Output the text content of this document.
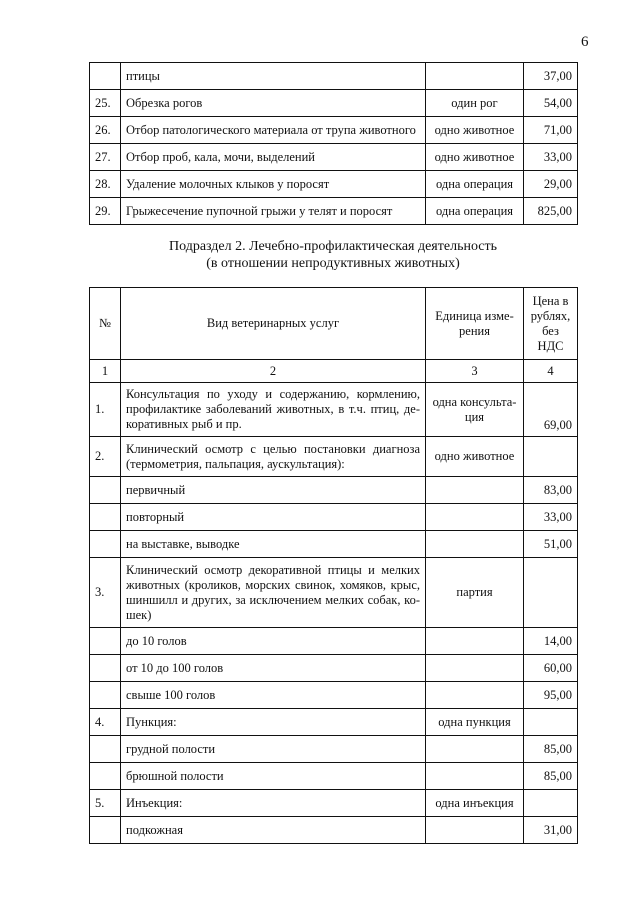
6
	птицы		37,00
25.	Обрезка рогов	один рог	54,00
26.	Отбор патологического материала от трупа животного	одно животное	71,00
27.	Отбор проб, кала, мочи, выделений	одно животное	33,00
28.	Удаление молочных клыков у поросят	одна операция	29,00
29.	Грыжесечение пупочной грыжи у телят и поросят	одна операция	825,00
Подраздел 2. Лечебно-профилактическая деятельность
(в отношении непродуктивных животных)
№	Вид ветеринарных услуг	Единица изме- рения	Цена в рублях, без НДС
1	2	3	4
1.	Консультация по уходу и содержанию, кормлению, профилактике заболеваний животных, в т.ч. птиц, де- коративных рыб и пр.	одна консульта- ция	69,00
2.	Клинический осмотр с целью постановки диагноза (термометрия, пальпация, аускультация):	одно животное	
	первичный		83,00
	повторный		33,00
	на выставке, выводке		51,00
3.	Клинический осмотр декоративной птицы и мелких животных (кроликов, морских свинок, хомяков, крыс, шиншилл и других, за исключением мелких собак, ко- шек)	партия	
	до 10 голов		14,00
	от 10 до 100 голов		60,00
	свыше 100 голов		95,00
4.	Пункция:	одна пункция	
	грудной полости		85,00
	брюшной полости		85,00
5.	Инъекция:	одна инъекция	
	подкожная		31,00
